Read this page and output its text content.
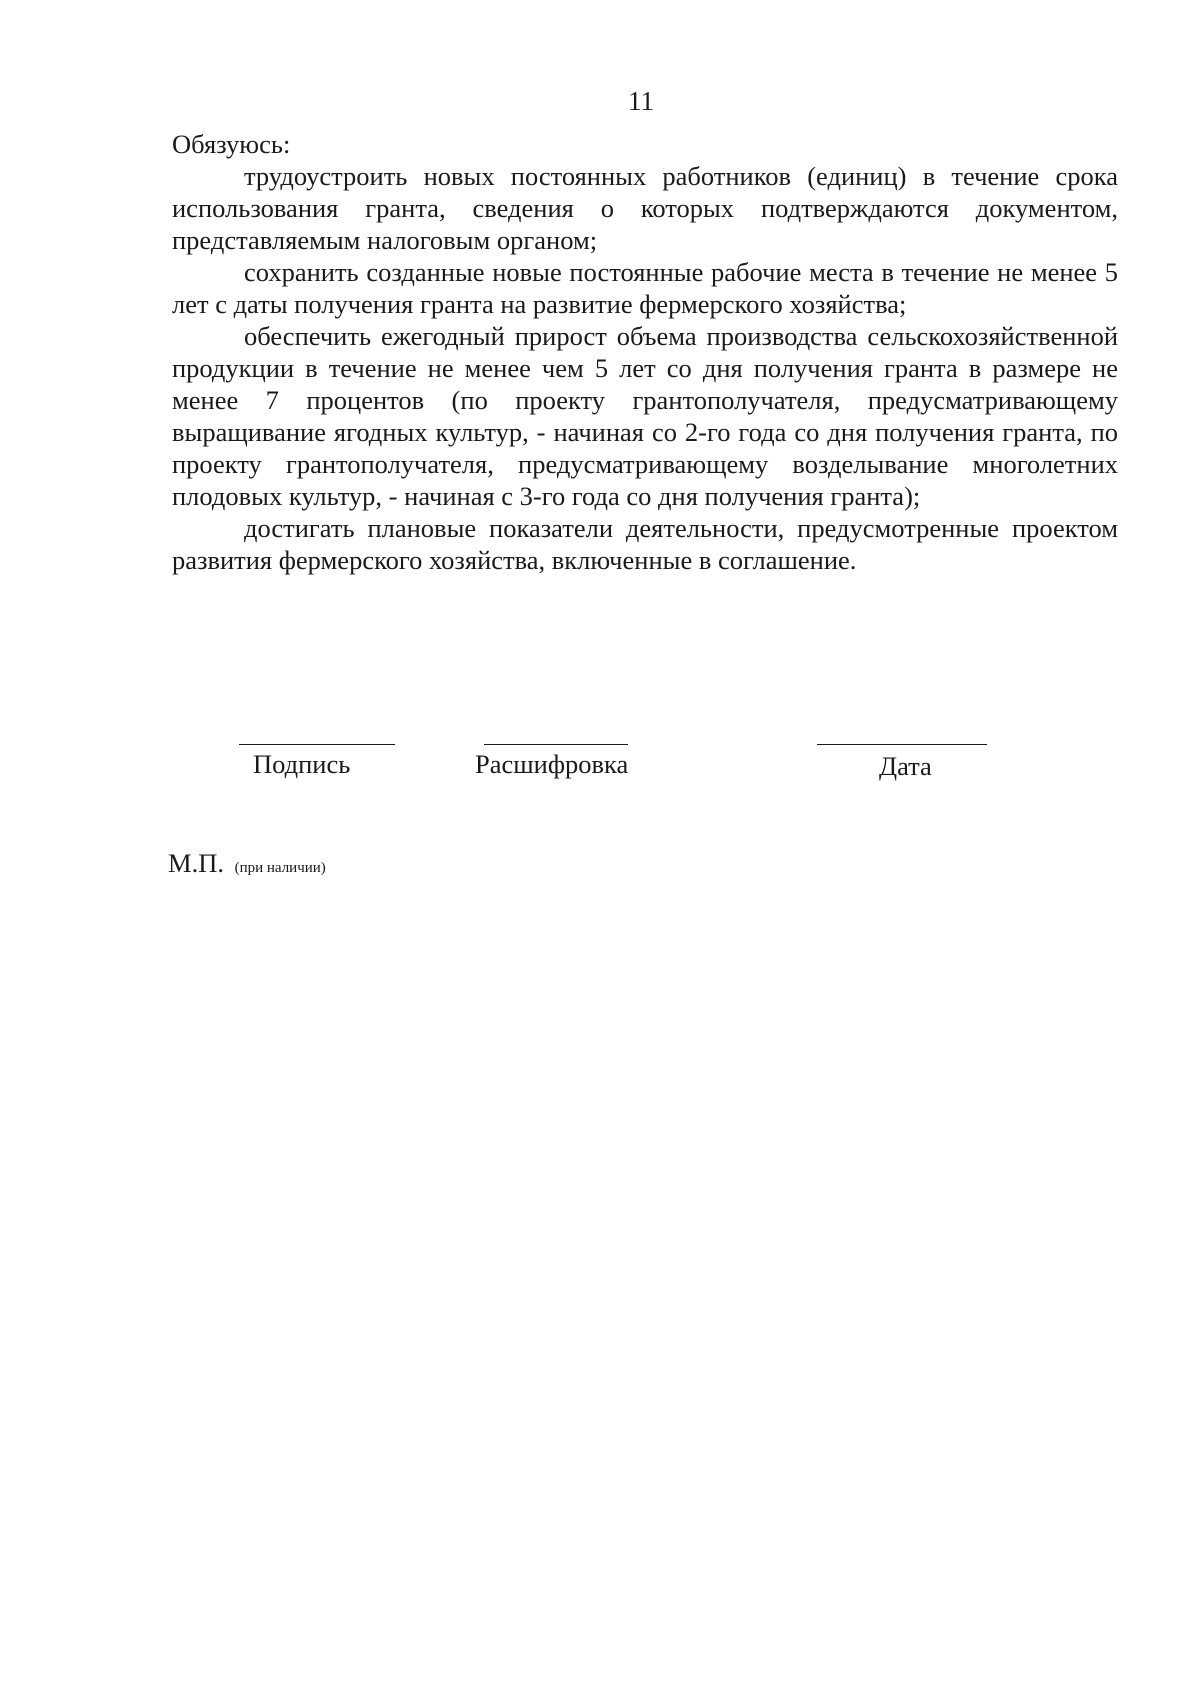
11

Обязуюсь:

трудоустроить новых постоянных работников (единиц) в течение срока использования гранта, сведения о которых подтверждаются документом, представляемым налоговым органом;

сохранить созданные новые постоянные рабочие места в течение не менее 5 лет с даты получения гранта на развитие фермерского хозяйства;

обеспечить ежегодный прирост объема производства сельскохозяйственной продукции в течение не менее чем 5 лет со дня получения гранта в размере не менее 7 процентов (по проекту грантополучателя, предусматривающему выращивание ягодных культур, - начиная со 2-го года со дня получения гранта, по проекту грантополучателя, предусматривающему возделывание многолетних плодовых культур, - начиная с 3-го года со дня получения гранта);

достигать плановые показатели деятельности, предусмотренные проектом развития фермерского хозяйства, включенные в соглашение.

Подпись	Расшифровка	Дата
М.П. (при наличии)
